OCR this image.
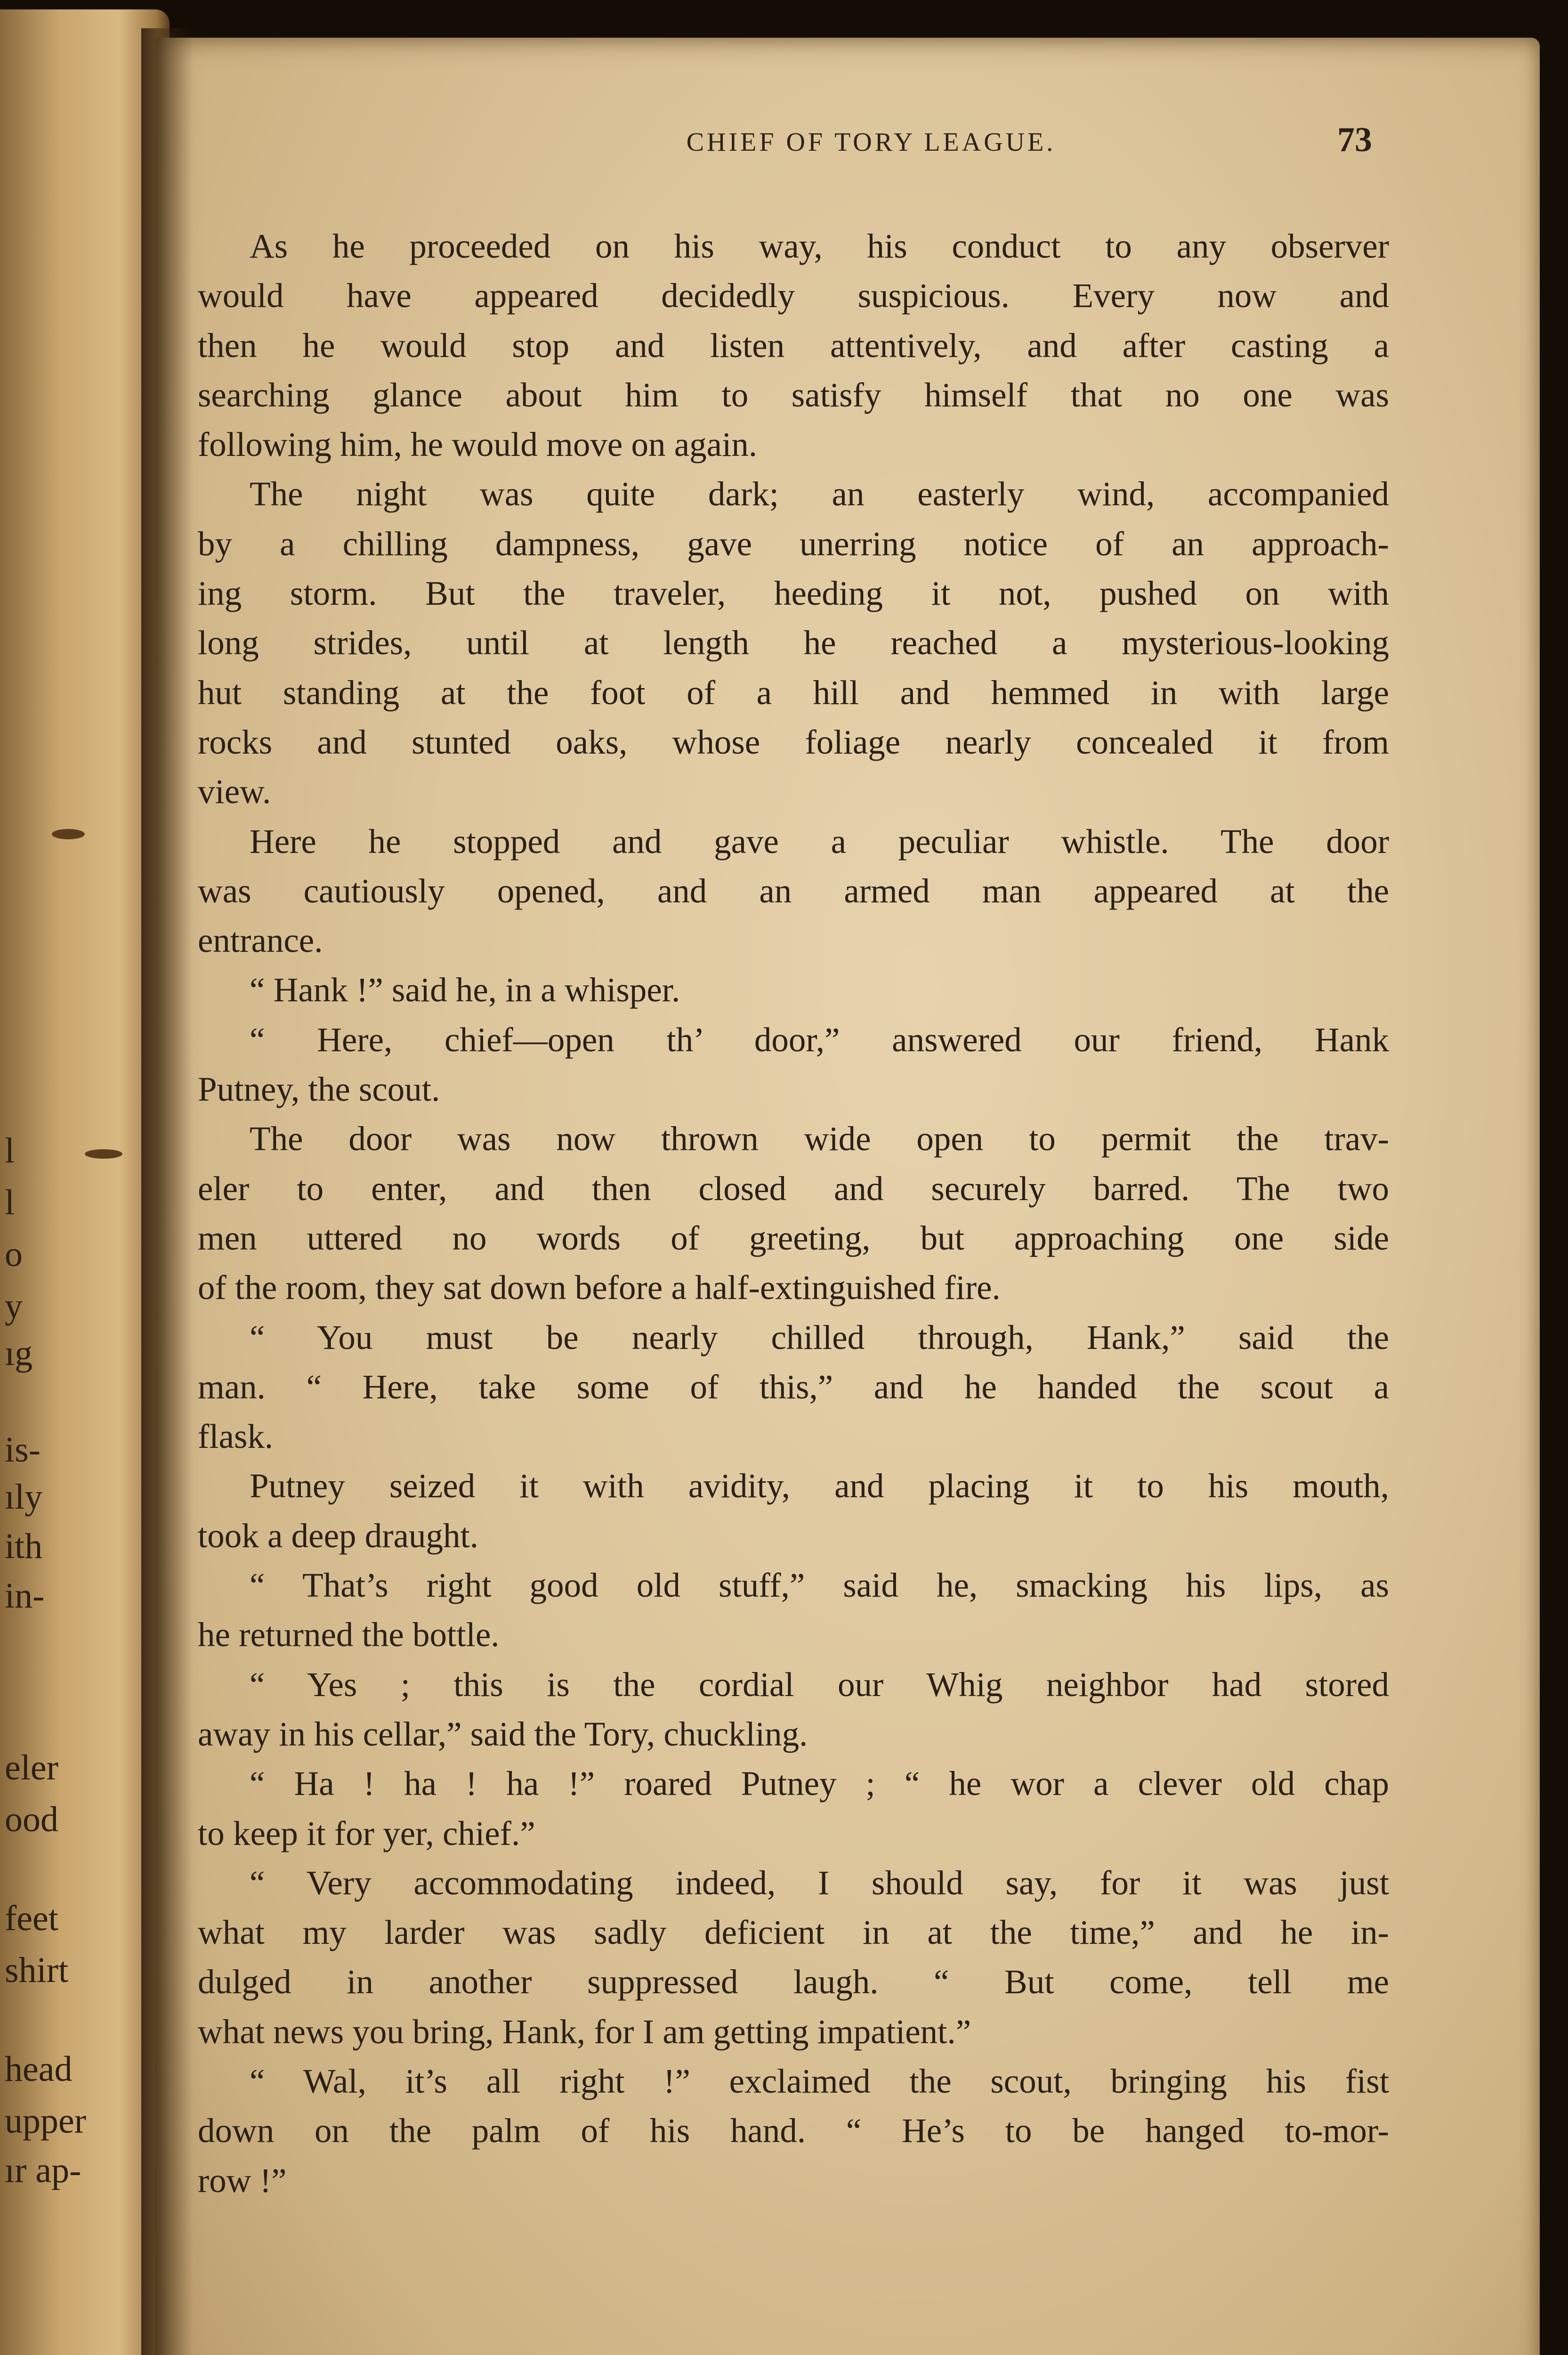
l
l
o
y
ıg
is-
ıly
ith
in-
eler
ood
feet
shirt
head
upper
ır ap-
CHIEF OF TORY LEAGUE.	73
As he proceeded on his way, his conduct to any observer
would have appeared decidedly suspicious. Every now and
then he would stop and listen attentively, and after casting a
searching glance about him to satisfy himself that no one was
following him, he would move on again.
The night was quite dark; an easterly wind, accompanied
by a chilling dampness, gave unerring notice of an approach-
ing storm. But the traveler, heeding it not, pushed on with
long strides, until at length he reached a mysterious-looking
hut standing at the foot of a hill and hemmed in with large
rocks and stunted oaks, whose foliage nearly concealed it from
view.
Here he stopped and gave a peculiar whistle. The door
was cautiously opened, and an armed man appeared at the
entrance.
“ Hank !” said he, in a whisper.
“ Here, chief—open th’ door,” answered our friend, Hank
Putney, the scout.
The door was now thrown wide open to permit the trav-
eler to enter, and then closed and securely barred. The two
men uttered no words of greeting, but approaching one side
of the room, they sat down before a half-extinguished fire.
“ You must be nearly chilled through, Hank,” said the
man. “ Here, take some of this,” and he handed the scout a
flask.
Putney seized it with avidity, and placing it to his mouth,
took a deep draught.
“ That’s right good old stuff,” said he, smacking his lips, as
he returned the bottle.
“ Yes ; this is the cordial our Whig neighbor had stored
away in his cellar,” said the Tory, chuckling.
“ Ha ! ha ! ha !” roared Putney ; “ he wor a clever old chap
to keep it for yer, chief.”
“ Very accommodating indeed, I should say, for it was just
what my larder was sadly deficient in at the time,” and he in-
dulged in another suppressed laugh. “ But come, tell me
what news you bring, Hank, for I am getting impatient.”
“ Wal, it’s all right !” exclaimed the scout, bringing his fist
down on the palm of his hand. “ He’s to be hanged to-mor-
row !”
